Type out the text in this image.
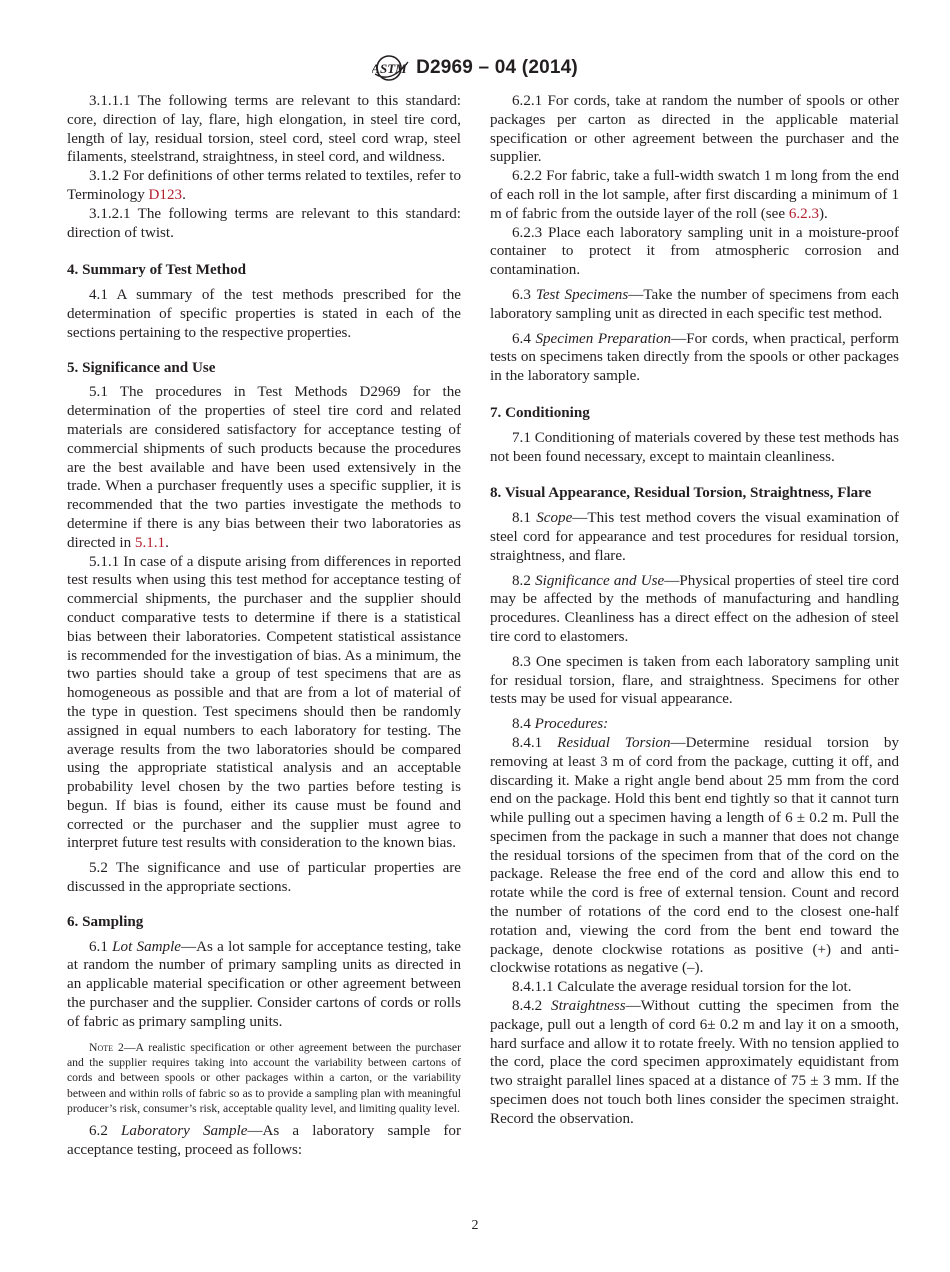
ASTM D2969 – 04 (2014)

3.1.1.1 The following terms are relevant to this standard: core, direction of lay, flare, high elongation, in steel tire cord, length of lay, residual torsion, steel cord, steel cord wrap, steel filaments, steelstrand, straightness, in steel cord, and wildness.

3.1.2 For definitions of other terms related to textiles, refer to Terminology D123.

3.1.2.1 The following terms are relevant to this standard: direction of twist.

4. Summary of Test Method

4.1 A summary of the test methods prescribed for the determination of specific properties is stated in each of the sections pertaining to the respective properties.

5. Significance and Use

5.1 The procedures in Test Methods D2969 for the determination of the properties of steel tire cord and related materials are considered satisfactory for acceptance testing of commercial shipments of such products because the procedures are the best available and have been used extensively in the trade. When a purchaser frequently uses a specific supplier, it is recommended that the two parties investigate the methods to determine if there is any bias between their two laboratories as directed in 5.1.1.

5.1.1 In case of a dispute arising from differences in reported test results when using this test method for acceptance testing of commercial shipments, the purchaser and the supplier should conduct comparative tests to determine if there is a statistical bias between their laboratories. Competent statistical assistance is recommended for the investigation of bias. As a minimum, the two parties should take a group of test specimens that are as homogeneous as possible and that are from a lot of material of the type in question. Test specimens should then be randomly assigned in equal numbers to each laboratory for testing. The average results from the two laboratories should be compared using the appropriate statistical analysis and an acceptable probability level chosen by the two parties before testing is begun. If bias is found, either its cause must be found and corrected or the purchaser and the supplier must agree to interpret future test results with consideration to the known bias.

5.2 The significance and use of particular properties are discussed in the appropriate sections.

6. Sampling

6.1 Lot Sample—As a lot sample for acceptance testing, take at random the number of primary sampling units as directed in an applicable material specification or other agreement between the purchaser and the supplier. Consider cartons of cords or rolls of fabric as primary sampling units.

Note 2—A realistic specification or other agreement between the purchaser and the supplier requires taking into account the variability between cartons of cords and between spools or other packages within a carton, or the variability between and within rolls of fabric so as to provide a sampling plan with meaningful producer’s risk, consumer’s risk, acceptable quality level, and limiting quality level.

6.2 Laboratory Sample—As a laboratory sample for acceptance testing, proceed as follows:

6.2.1 For cords, take at random the number of spools or other packages per carton as directed in the applicable material specification or other agreement between the purchaser and the supplier.

6.2.2 For fabric, take a full-width swatch 1 m long from the end of each roll in the lot sample, after first discarding a minimum of 1 m of fabric from the outside layer of the roll (see 6.2.3).

6.2.3 Place each laboratory sampling unit in a moisture-proof container to protect it from atmospheric corrosion and contamination.

6.3 Test Specimens—Take the number of specimens from each laboratory sampling unit as directed in each specific test method.

6.4 Specimen Preparation—For cords, when practical, perform tests on specimens taken directly from the spools or other packages in the laboratory sample.

7. Conditioning

7.1 Conditioning of materials covered by these test methods has not been found necessary, except to maintain cleanliness.

8. Visual Appearance, Residual Torsion, Straightness, Flare

8.1 Scope—This test method covers the visual examination of steel cord for appearance and test procedures for residual torsion, straightness, and flare.

8.2 Significance and Use—Physical properties of steel tire cord may be affected by the methods of manufacturing and handling procedures. Cleanliness has a direct effect on the adhesion of steel tire cord to elastomers.

8.3 One specimen is taken from each laboratory sampling unit for residual torsion, flare, and straightness. Specimens for other tests may be used for visual appearance.

8.4 Procedures:

8.4.1 Residual Torsion—Determine residual torsion by removing at least 3 m of cord from the package, cutting it off, and discarding it. Make a right angle bend about 25 mm from the cord end on the package. Hold this bent end tightly so that it cannot turn while pulling out a specimen having a length of 6 ± 0.2 m. Pull the specimen from the package in such a manner that does not change the residual torsions of the specimen from that of the cord on the package. Release the free end of the cord and allow this end to rotate while the cord is free of external tension. Count and record the number of rotations of the cord end to the closest one-half rotation and, viewing the cord from the bent end toward the package, denote clockwise rotations as positive (+) and anti-clockwise rotations as negative (–).

8.4.1.1 Calculate the average residual torsion for the lot.

8.4.2 Straightness—Without cutting the specimen from the package, pull out a length of cord 6± 0.2 m and lay it on a smooth, hard surface and allow it to rotate freely. With no tension applied to the cord, place the cord specimen approximately equidistant from two straight parallel lines spaced at a distance of 75 ± 3 mm. If the specimen does not touch both lines consider the specimen straight. Record the observation.

2
